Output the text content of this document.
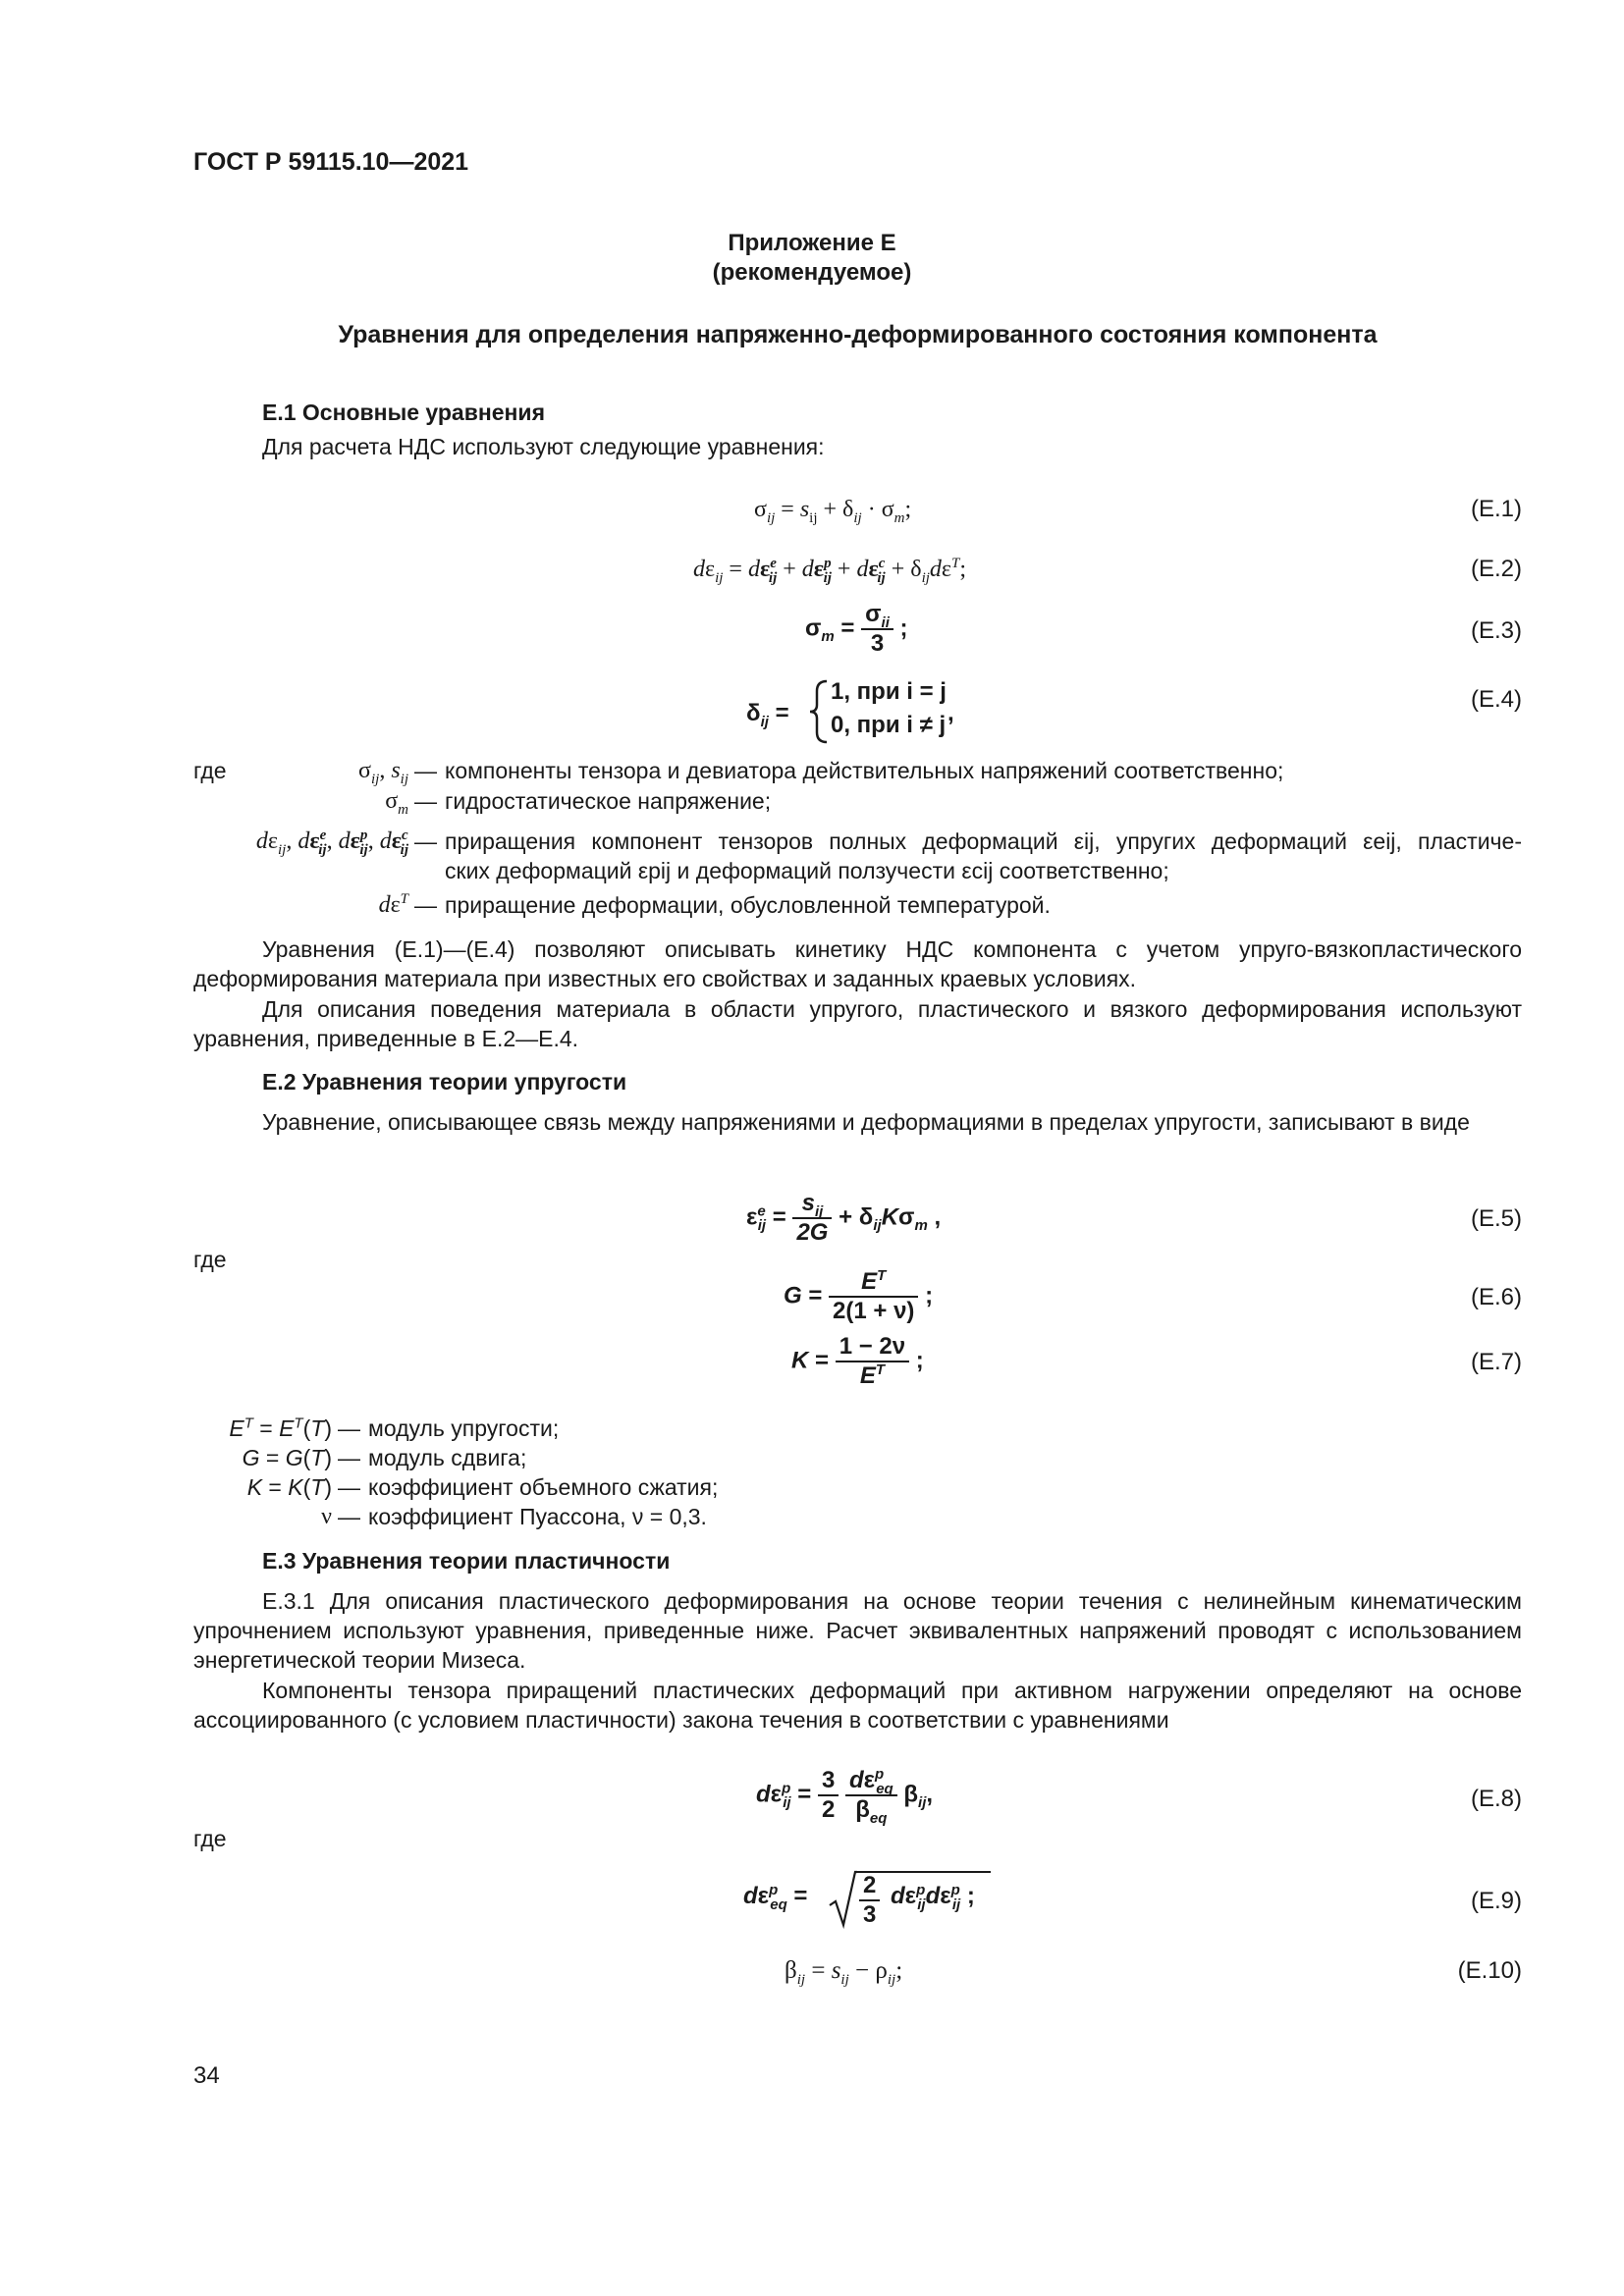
ГОСТ Р 59115.10—2021
Приложение Е
(рекомендуемое)
Уравнения для определения напряженно-деформированного состояния компонента
Е.1 Основные уравнения
Для расчета НДС используют следующие уравнения:
$\sigma_{ij} = s_{ij} + \delta_{ij} \cdot \sigma_m$;	(Е.1)
$d\varepsilon_{ij} = d\varepsilon^e_{ij} + d\varepsilon^p_{ij} + d\varepsilon^c_{ij} + \delta_{ij}d\varepsilon^T$;	(Е.2)
$\sigma_m = \frac{\sigma_{ii}}{3}$ ;	(Е.3)
$\delta_{ij}$ =
1, при i = j
0, при i ≠ j ,
(Е.4)
где	$\sigma_{ij}$, $s_{ij}$ — компоненты тензора и девиатора действительных напряжений соответственно;
$\sigma_m$ — гидростатическое напряжение;
$d\varepsilon_{ij}$, $d\varepsilon^e_{ij}$, $d\varepsilon^p_{ij}$, $d\varepsilon^c_{ij}$ — приращения компонент тензоров полных деформаций εij, упругих деформаций εeij, пластиче-
ских деформаций εpij и деформаций ползучести εcij соответственно;
$d\varepsilon^T$ — приращение деформации, обусловленной температурой.
Уравнения (Е.1)—(Е.4) позволяют описывать кинетику НДС компонента с учетом упруго-вязкопластического деформирования материала при известных его свойствах и заданных краевых условиях.
Для описания поведения материала в области упругого, пластического и вязкого деформирования используют уравнения, приведенные в Е.2—Е.4.
Е.2 Уравнения теории упругости
Уравнение, описывающее связь между напряжениями и деформациями в пределах упругости, записывают в виде
$\varepsilon^e_{ij} = \frac{s_{ij}}{2G} + \delta_{ij}K\sigma_m$ ,	(Е.5)
где
$G = \frac{E^T}{2(1 + \nu)}$ ;	(Е.6)
$K = \frac{1 - 2\nu}{E^T}$ ;	(Е.7)
$E^T = E^T(T)$ — модуль упругости;
G = G(T) — модуль сдвига;
K = K(T) — коэффициент объемного сжатия;
ν — коэффициент Пуассона, ν = 0,3.
Е.3 Уравнения теории пластичности
Е.3.1 Для описания пластического деформирования на основе теории течения с нелинейным кинематическим упрочнением используют уравнения, приведенные ниже. Расчет эквивалентных напряжений проводят с использованием энергетической теории Мизеса.
Компоненты тензора приращений пластических деформаций при активном нагружении определяют на основе ассоциированного (с условием пластичности) закона течения в соответствии с уравнениями
$d\varepsilon^p_{ij} = \frac{3}{2}$
$\frac{d\varepsilon^p_{eq}}{\beta_{eq}} \beta_{ij}$,	(Е.8)
где
$d\varepsilon^p_{eq} = \frac{2}{3} d\varepsilon^p_{ij}d\varepsilon^p_{ij}$ ;	(Е.9)
$\beta_{ij} = s_{ij} - \rho_{ij}$;	(Е.10)
34
